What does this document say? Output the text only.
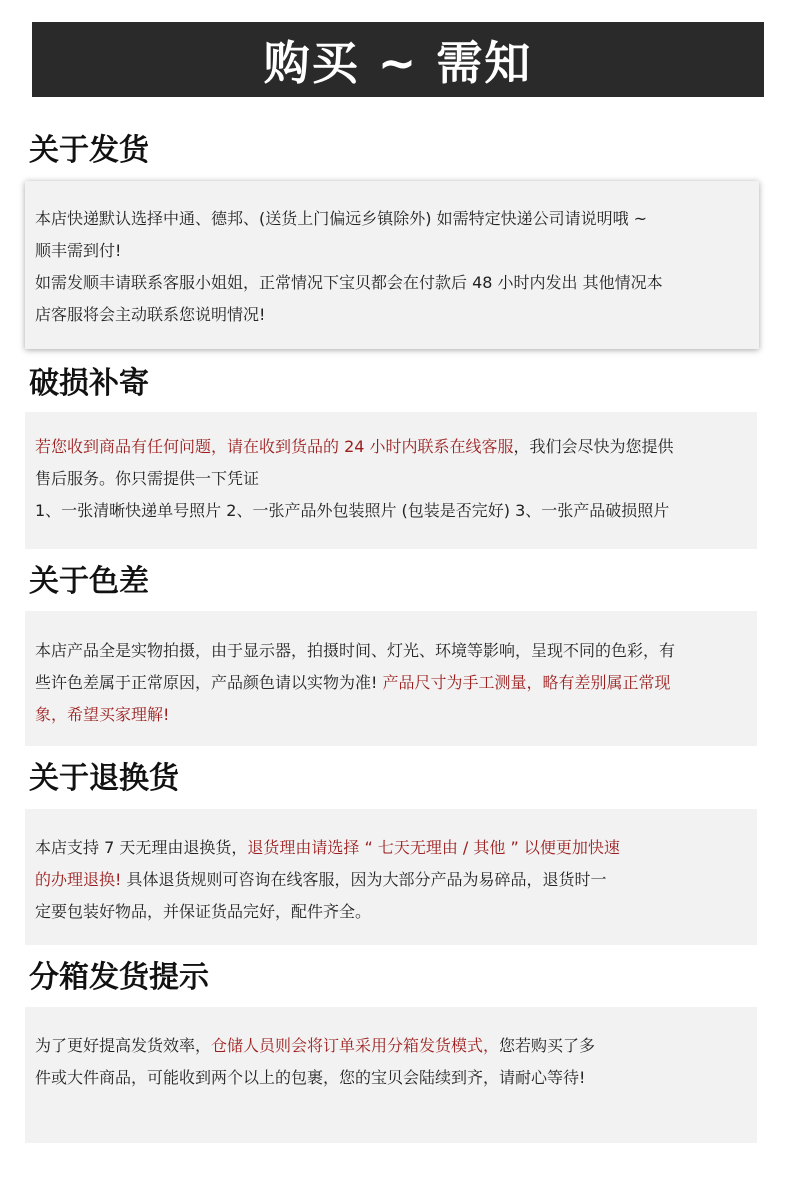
购买 ~ 需知
关于发货
本店快递默认选择中通、德邦、(送货上门偏远乡镇除外) 如需特定快递公司请说明哦 ~
顺丰需到付!
如需发顺丰请联系客服小姐姐，正常情况下宝贝都会在付款后 48 小时内发出 其他情况本
店客服将会主动联系您说明情况!
破损补寄
若您收到商品有任何问题，请在收到货品的 24 小时内联系在线客服，我们会尽快为您提供
售后服务。你只需提供一下凭证
1、一张清晰快递单号照片 2、一张产品外包装照片 (包装是否完好) 3、一张产品破损照片
关于色差
本店产品全是实物拍摄，由于显示器，拍摄时间、灯光、环境等影响，呈现不同的色彩，有
些许色差属于正常原因，产品颜色请以实物为准! 产品尺寸为手工测量，略有差别属正常现
象，希望买家理解!
关于退换货
本店支持 7 天无理由退换货，退货理由请选择 “ 七天无理由 / 其他 ” 以便更加快速
的办理退换! 具体退货规则可咨询在线客服，因为大部分产品为易碎品，退货时一
定要包装好物品，并保证货品完好，配件齐全。
分箱发货提示
为了更好提高发货效率，仓储人员则会将订单采用分箱发货模式，您若购买了多
件或大件商品，可能收到两个以上的包裹，您的宝贝会陆续到齐，请耐心等待!
